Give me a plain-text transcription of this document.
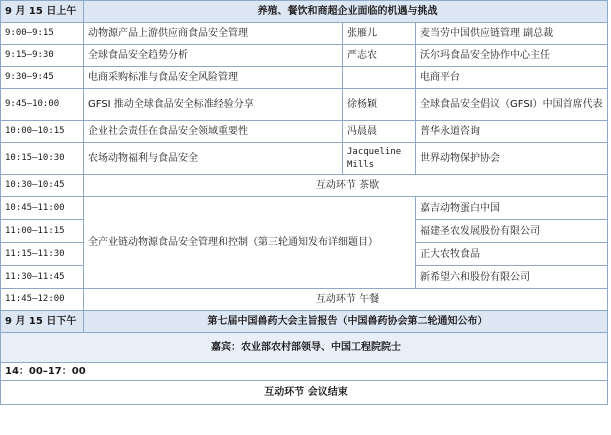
9 月 15 日上午	养殖、餐饮和商超企业面临的机遇与挑战		
9:00–9:15	动物源产品上游供应商食品安全管理	张雁儿	麦当劳中国供应链管理 副总裁
9:15–9:30	全球食品安全趋势分析	严志农	沃尔玛食品安全协作中心主任
9:30–9:45	电商采购标准与食品安全风险管理		电商平台
9:45–10:00	GFSI 推动全球食品安全标准经验分享	徐杨颖	全球食品安全倡议（GFSI）中国首席代表
10:00–10:15	企业社会责任在食品安全领域重要性	冯晨晨	普华永道咨询
10:15–10:30	农场动物福利与食品安全	Jacqueline Mills	世界动物保护协会
10:30–10:45	互动环节 茶歇		
10:45–11:00	全产业链动物源食品安全管理和控制（第三轮通知发布详细题目）		嘉吉动物蛋白中国
11:00–11:15			福建圣农发展股份有限公司
11:15–11:30			正大农牧食品
11:30–11:45			新希望六和股份有限公司
11:45–12:00	互动环节 午餐		
9 月 15 日下午	第七届中国兽药大会主旨报告（中国兽药协会第二轮通知公布）		
嘉宾：农业部农村部领导、中国工程院院士			
14：00–17：00			
互动环节 会议结束			
